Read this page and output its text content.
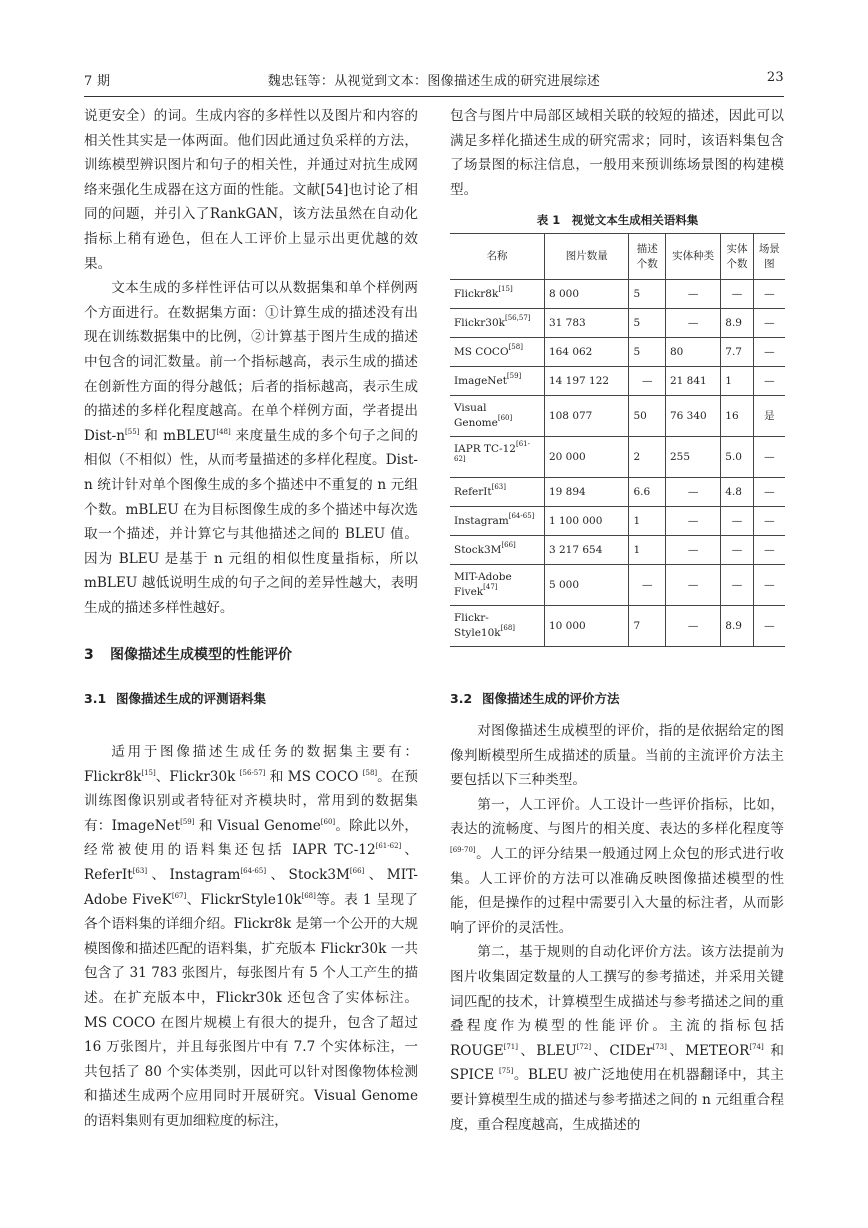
7 期	魏忠钰等：从视觉到文本：图像描述生成的研究进展综述	23

说更安全）的词。生成内容的多样性以及图片和内容的相关性其实是一体两面。他们因此通过负采样的方法，训练模型辨识图片和句子的相关性，并通过对抗生成网络来强化生成器在这方面的性能。文献[54]也讨论了相同的问题，并引入了RankGAN，该方法虽然在自动化指标上稍有逊色，但在人工评价上显示出更优越的效果。

文本生成的多样性评估可以从数据集和单个样例两个方面进行。在数据集方面：①计算生成的描述没有出现在训练数据集中的比例，②计算基于图片生成的描述中包含的词汇数量。前一个指标越高，表示生成的描述在创新性方面的得分越低；后者的指标越高，表示生成的描述的多样化程度越高。在单个样例方面，学者提出 Dist-n[55] 和 mBLEU[48] 来度量生成的多个句子之间的相似（不相似）性，从而考量描述的多样化程度。Dist-n 统计针对单个图像生成的多个描述中不重复的 n 元组个数。mBLEU 在为目标图像生成的多个描述中每次选取一个描述，并计算它与其他描述之间的 BLEU 值。因为 BLEU 是基于 n 元组的相似性度量指标，所以 mBLEU 越低说明生成的句子之间的差异性越大，表明生成的描述多样性越好。

3 图像描述生成模型的性能评价
3.1 图像描述生成的评测语料集

适用于图像描述生成任务的数据集主要有：Flickr8k[15]、Flickr30k [56-57] 和 MS COCO [58]。在预训练图像识别或者特征对齐模块时，常用到的数据集有：ImageNet[59] 和 Visual Genome[60]。除此以外，经常被使用的语料集还包括 IAPR TC-12[61-62]、ReferIt[63]、Instagram[64-65]、Stock3M[66]、MIT-Adobe FiveK[67]、FlickrStyle10k[68]等。表 1 呈现了各个语料集的详细介绍。Flickr8k 是第一个公开的大规模图像和描述匹配的语料集，扩充版本 Flickr30k 一共包含了 31 783 张图片，每张图片有 5 个人工产生的描述。在扩充版本中，Flickr30k 还包含了实体标注。MS COCO 在图片规模上有很大的提升，包含了超过 16 万张图片，并且每张图片中有 7.7 个实体标注，一共包括了 80 个实体类别，因此可以针对图像物体检测和描述生成两个应用同时开展研究。Visual Genome 的语料集则有更加细粒度的标注，

包含与图片中局部区域相关联的较短的描述，因此可以满足多样化描述生成的研究需求；同时，该语料集包含了场景图的标注信息，一般用来预训练场景图的构建模型。

表 1　视觉文本生成相关语料集
名称	图片数量	描述个数	实体种类	实体个数	场景图
Flickr8k[15]	8 000	5	—	—	—
Flickr30k[56,57]	31 783	5	—	8.9	—
MS COCO[58]	164 062	5	80	7.7	—
ImageNet[59]	14 197 122	—	21 841	1	—
Visual Genome[60]	108 077	50	76 340	16	是
IAPR TC-12[61-62]	20 000	2	255	5.0	—
ReferIt[63]	19 894	6.6	—	4.8	—
Instagram[64-65]	1 100 000	1	—	—	—
Stock3M[66]	3 217 654	1	—	—	—
MIT-Adobe Fivek[47]	5 000	—	—	—	—
Flickr-Style10k[68]	10 000	7	—	8.9	—
3.2 图像描述生成的评价方法

对图像描述生成模型的评价，指的是依据给定的图像判断模型所生成描述的质量。当前的主流评价方法主要包括以下三种类型。

第一，人工评价。人工设计一些评价指标，比如，表达的流畅度、与图片的相关度、表达的多样化程度等[69-70]。人工的评分结果一般通过网上众包的形式进行收集。人工评价的方法可以准确反映图像描述模型的性能，但是操作的过程中需要引入大量的标注者，从而影响了评价的灵活性。

第二，基于规则的自动化评价方法。该方法提前为图片收集固定数量的人工撰写的参考描述，并采用关键词匹配的技术，计算模型生成描述与参考描述之间的重叠程度作为模型的性能评价。主流的指标包括 ROUGE[71]、BLEU[72]、CIDEr[73]、METEOR[74] 和 SPICE [75]。BLEU 被广泛地使用在机器翻译中，其主要计算模型生成的描述与参考描述之间的 n 元组重合程度，重合程度越高，生成描述的
